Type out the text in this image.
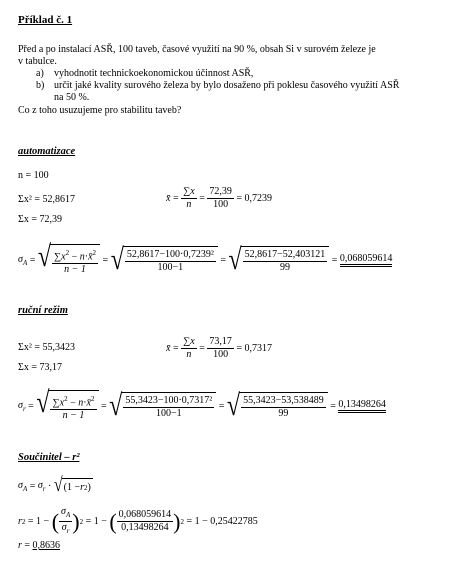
Příklad č. 1
Před a po instalací ASŘ, 100 taveb, časové využití na 90 %, obsah Si v surovém železe je
v tabulce.
a)	vyhodnotit technickoekonomickou účinnost ASŘ,
b) určit jaké kvality surového železa by bylo dosaženo při poklesu časového využití ASŘ
na 50 %.
Co z toho usuzujeme pro stabilitu taveb?
automatizace
n = 100
Σx² = 52,8617
Σx = 72,39
x̄ = $\frac{\sum x}{n} = \frac{72,39}{100}$
= 0,7239
$\sigma_A$ = √ $\frac{\sum x^2 - n\cdot x̄^2}{n - 1}$ = √ $\frac{\text{52,8617−100·0,7239²}}{100-1}$ = √ $\frac{52,8617-52,403121}{99} = 0,068059614$
ruční režim
Σx² = 55,3423
Σx = 73,17
x̄ = $\frac{\sum x}{n} = \frac{73,17}{100}$
= 0,7317
$\sigma_r$ = √ $\frac{\sum x^2 - n\cdot x̄^2}{n - 1}$ = √ $\frac{\text{55,3423−100·0,7317²}}{100-1}$ = √ $\frac{55,3423-53,538489}{99} = 0,13498264$
Součinitel – r²
$\sigma_A = \sigma_r$ · √ (1 − r 2 )
r 2 = 1 − ( $\frac{\sigma_A}{\sigma_r}$ ) 2 = 1 − ( $\frac{0,068059614}{0,13498264}$ ) 2
= 1 − 0,25422785
r = 0,8636
